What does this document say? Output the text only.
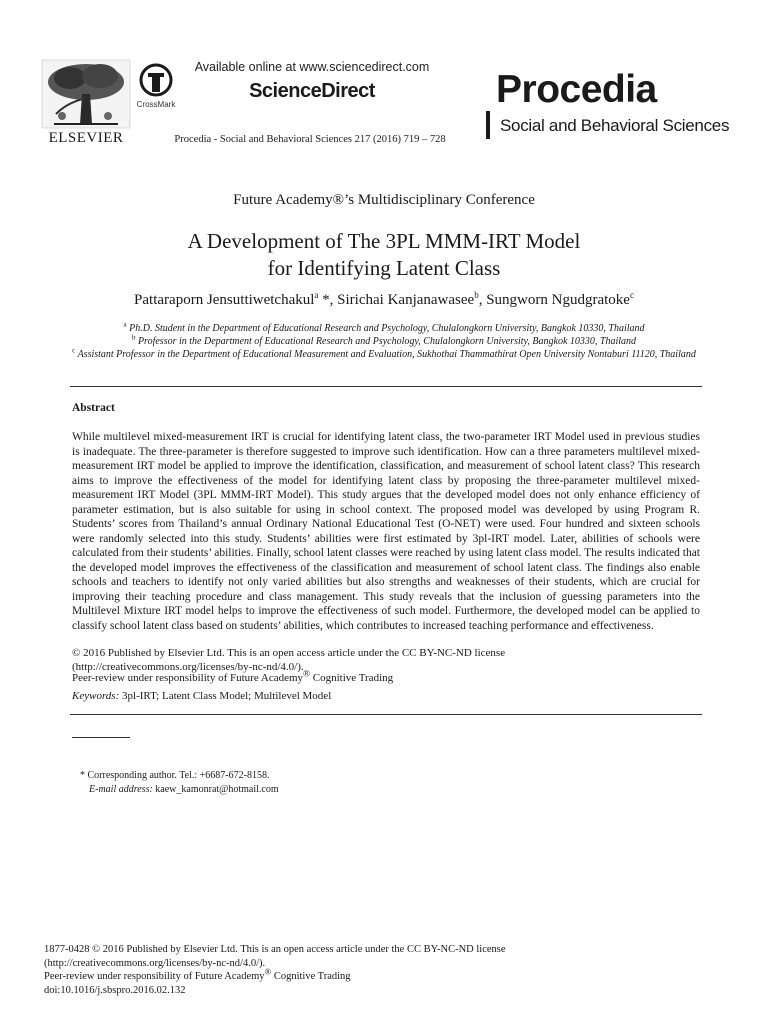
ELSEVIER
CrossMark
Available online at www.sciencedirect.com
ScienceDirect
Procedia - Social and Behavioral Sciences 217 (2016) 719 – 728
Procedia
Social and Behavioral Sciences
Future Academy®’s Multidisciplinary Conference
A Development of The 3PL MMM-IRT Model
for Identifying Latent Class
Pattaraporn Jensuttiwetchakul$^a$ *, Sirichai Kanjanawasee$^b$, Sungworn Ngudgratoke$^c$
$^a$ Ph.D. Student in the Department of Educational Research and Psychology, Chulalongkorn University, Bangkok 10330, Thailand
$^b$ Professor in the Department of Educational Research and Psychology, Chulalongkorn University, Bangkok 10330, Thailand
$^c$ Assistant Professor in the Department of Educational Measurement and Evaluation, Sukhothai Thammathirat Open University Nontaburi 11120, Thailand
Abstract
While multilevel mixed-measurement IRT is crucial for identifying latent class, the two-parameter IRT Model used in previous studies is inadequate. The three-parameter is therefore suggested to improve such identification. How can a three parameters multilevel mixed-measurement IRT model be applied to improve the identification, classification, and measurement of school latent class? This research aims to improve the effectiveness of the model for identifying latent class by proposing the three-parameter multilevel mixed-measurement IRT Model (3PL MMM-IRT Model). This study argues that the developed model does not only enhance efficiency of parameter estimation, but is also suitable for using in school context. The proposed model was developed by using Program R. Students’ scores from Thailand’s annual Ordinary National Educational Test (O-NET) were used. Four hundred and sixteen schools were randomly selected into this study. Students’ abilities were first estimated by 3pl-IRT model. Later, abilities of schools were calculated from their students’ abilities. Finally, school latent classes were reached by using latent class model. The results indicated that the developed model improves the effectiveness of the classification and measurement of school latent class. The findings also enable schools and teachers to identify not only varied abilities but also strengths and weaknesses of their students, which are crucial for improving their teaching procedure and class management. This study reveals that the inclusion of guessing parameters into the Multilevel Mixture IRT model helps to improve the effectiveness of such model. Furthermore, the developed model can be applied to classify school latent class based on students’ abilities, which contributes to increased teaching performance and effectiveness.
© 2016 Published by Elsevier Ltd. This is an open access article under the CC BY-NC-ND license
(http://creativecommons.org/licenses/by-nc-nd/4.0/).
Peer-review under responsibility of Future Academy® Cognitive Trading
Keywords: 3pl-IRT; Latent Class Model; Multilevel Model
* Corresponding author. Tel.: +6687-672-8158.
E-mail address: kaew_kamonrat@hotmail.com
1877-0428 © 2016 Published by Elsevier Ltd. This is an open access article under the CC BY-NC-ND license
(http://creativecommons.org/licenses/by-nc-nd/4.0/).
Peer-review under responsibility of Future Academy® Cognitive Trading
doi:10.1016/j.sbspro.2016.02.132
